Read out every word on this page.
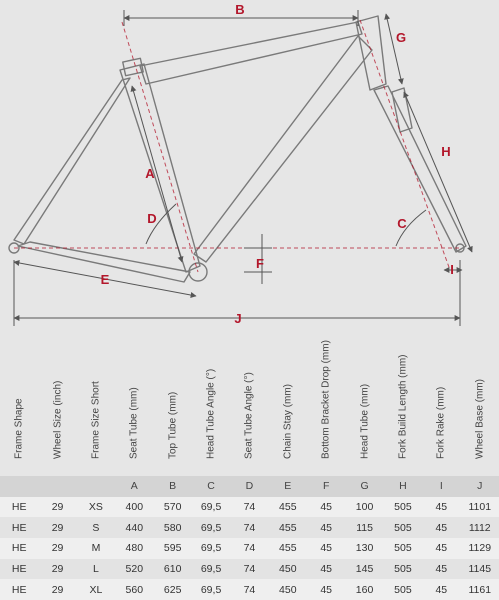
B
G
A
D
H
C
F
E
I
J
Frame Shape	Wheel Size (inch)	Frame Size Short	Seat Tube (mm)	Top Tube (mm)	Head Tube Angle (°)	Seat Tube Angle (°)	Chain Stay (mm)	Bottom Bracket Drop (mm)	Head Tube (mm)	Fork Build Length (mm)	Fork Rake (mm)	Wheel Base (mm)

			A	B	C	D	E	F	G	H	I	J
HE	29	XS	400	570	69,5	74	455	45	100	505	45	1101
HE	29	S	440	580	69,5	74	455	45	115	505	45	1112
HE	29	M	480	595	69,5	74	455	45	130	505	45	1129
HE	29	L	520	610	69,5	74	450	45	145	505	45	1145
HE	29	XL	560	625	69,5	74	450	45	160	505	45	1161
